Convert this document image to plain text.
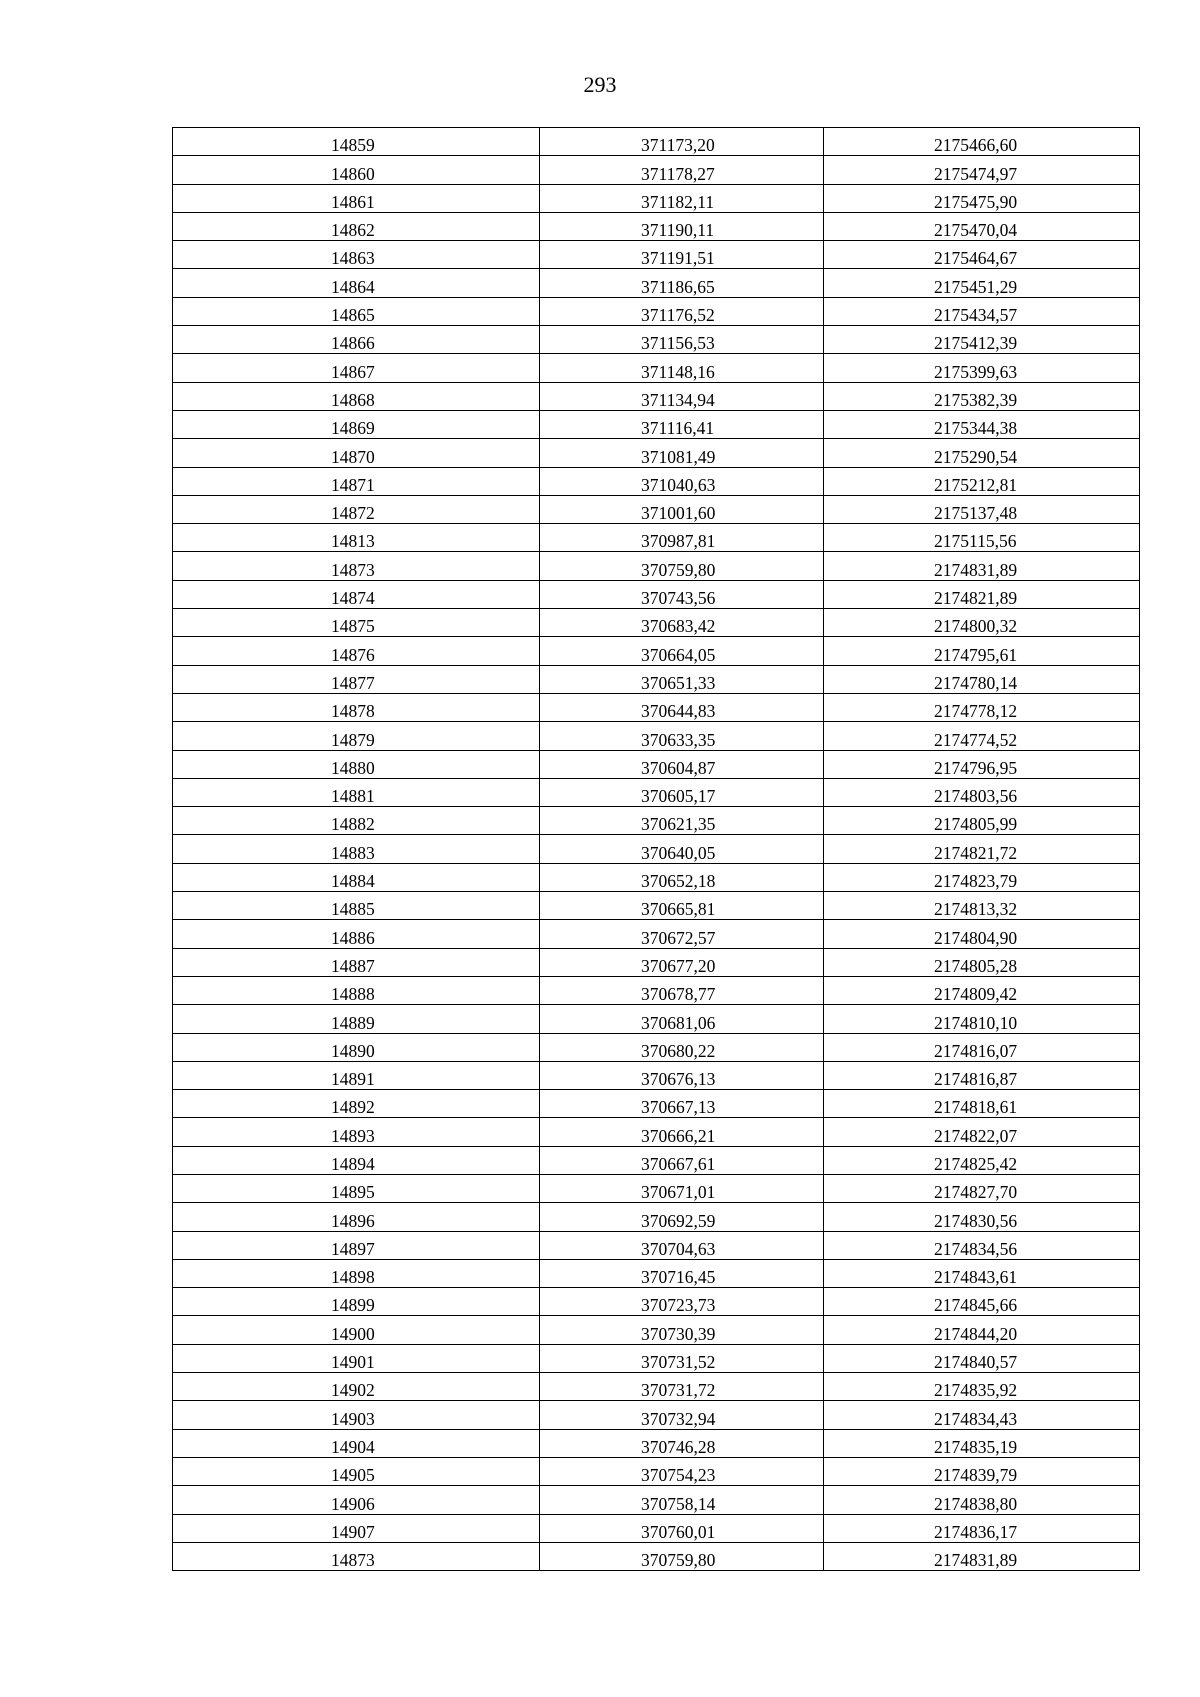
293

14859	371173,20	2175466,60
14860	371178,27	2175474,97
14861	371182,11	2175475,90
14862	371190,11	2175470,04
14863	371191,51	2175464,67
14864	371186,65	2175451,29
14865	371176,52	2175434,57
14866	371156,53	2175412,39
14867	371148,16	2175399,63
14868	371134,94	2175382,39
14869	371116,41	2175344,38
14870	371081,49	2175290,54
14871	371040,63	2175212,81
14872	371001,60	2175137,48
14813	370987,81	2175115,56
14873	370759,80	2174831,89
14874	370743,56	2174821,89
14875	370683,42	2174800,32
14876	370664,05	2174795,61
14877	370651,33	2174780,14
14878	370644,83	2174778,12
14879	370633,35	2174774,52
14880	370604,87	2174796,95
14881	370605,17	2174803,56
14882	370621,35	2174805,99
14883	370640,05	2174821,72
14884	370652,18	2174823,79
14885	370665,81	2174813,32
14886	370672,57	2174804,90
14887	370677,20	2174805,28
14888	370678,77	2174809,42
14889	370681,06	2174810,10
14890	370680,22	2174816,07
14891	370676,13	2174816,87
14892	370667,13	2174818,61
14893	370666,21	2174822,07
14894	370667,61	2174825,42
14895	370671,01	2174827,70
14896	370692,59	2174830,56
14897	370704,63	2174834,56
14898	370716,45	2174843,61
14899	370723,73	2174845,66
14900	370730,39	2174844,20
14901	370731,52	2174840,57
14902	370731,72	2174835,92
14903	370732,94	2174834,43
14904	370746,28	2174835,19
14905	370754,23	2174839,79
14906	370758,14	2174838,80
14907	370760,01	2174836,17
14873	370759,80	2174831,89
